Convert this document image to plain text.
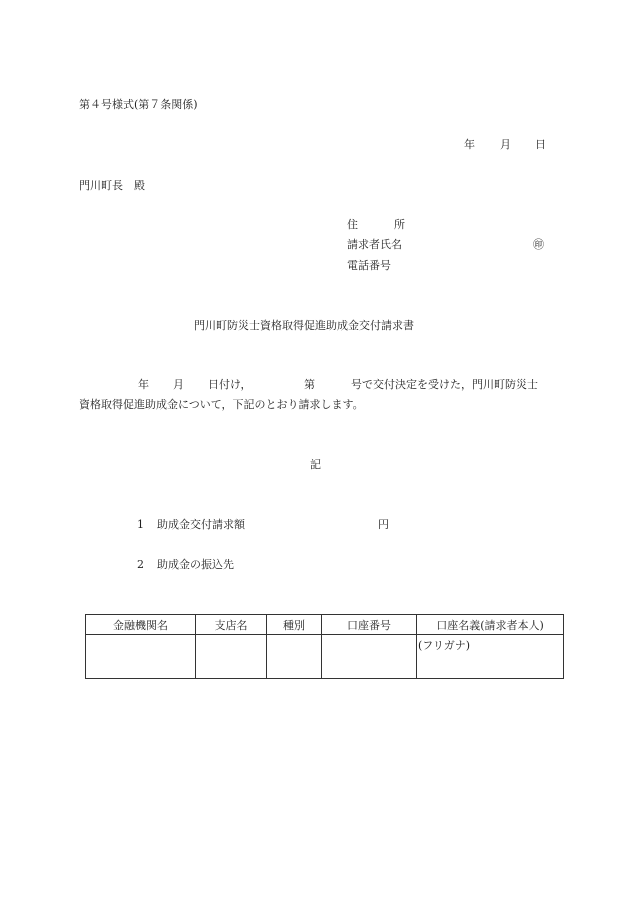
第４号様式(第７条関係)
年 月 日
門川町長　殿
住	所
請求者氏名	㊞
電話番号
門川町防災士資格取得促進助成金交付請求書
年 月 日付け，	第	号で交付決定を受けた，門川町防災士
資格取得促進助成金について，下記のとおり請求します。
記
1 助成金交付請求額	円
2 助成金の振込先
金融機関名	支店名	種別	口座番号	口座名義(請求者本人)
				(フリガナ)
